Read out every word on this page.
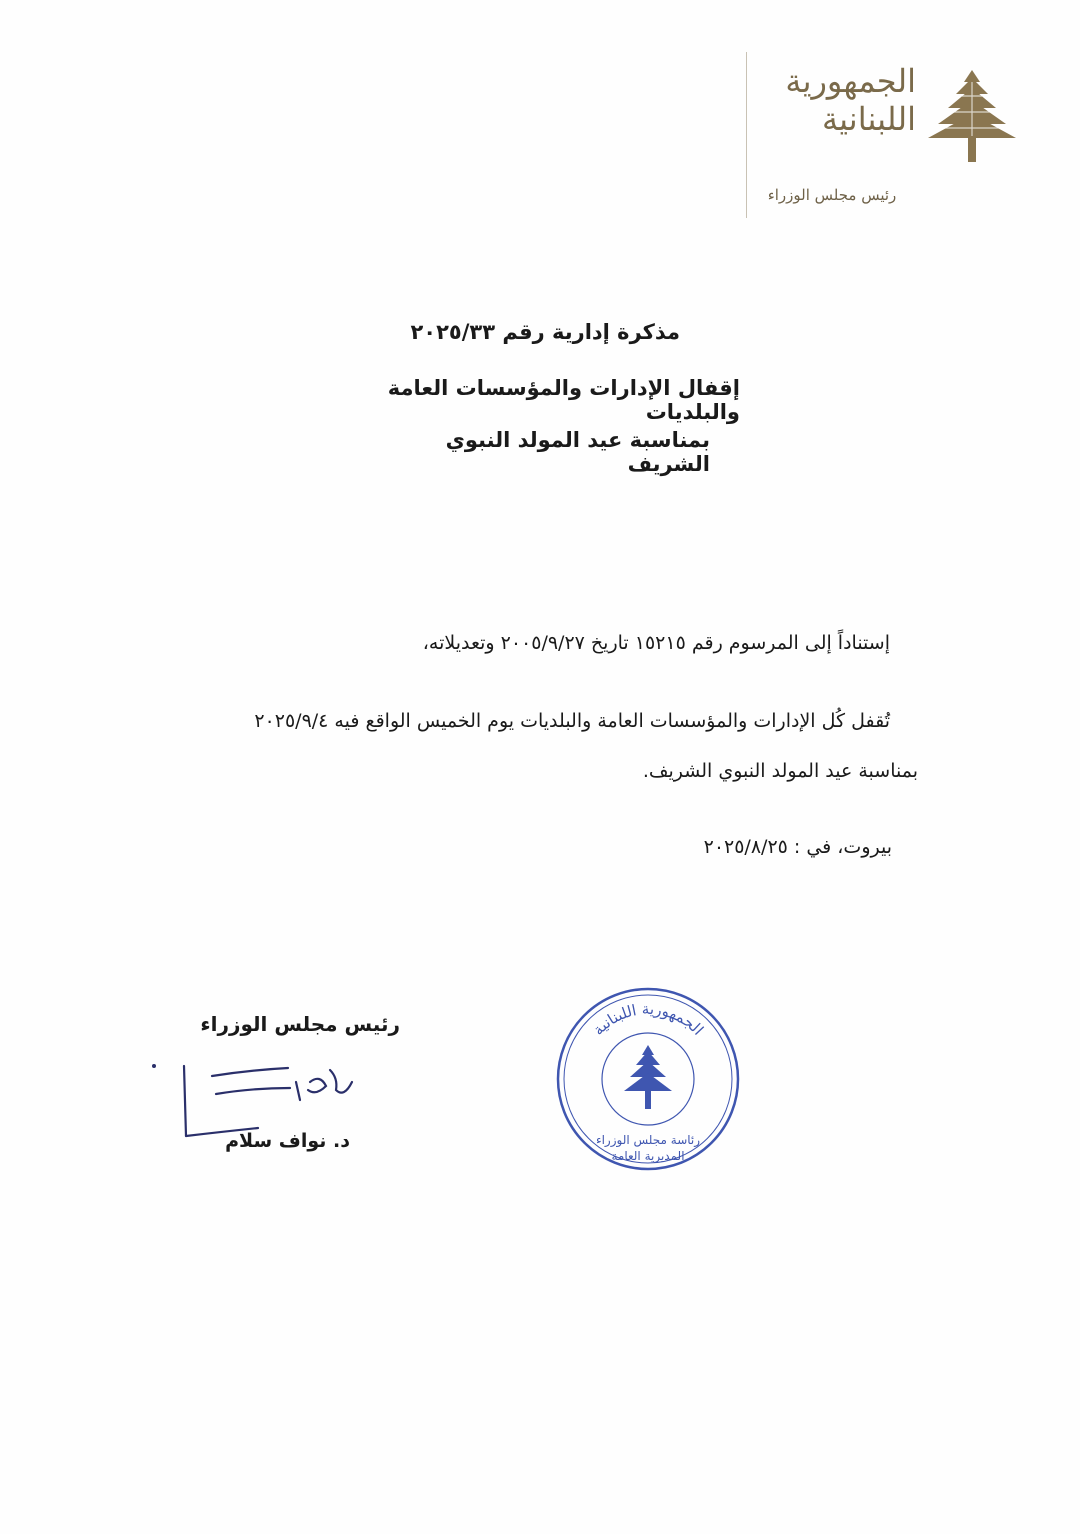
الجمهورية
اللبنانية
رئيس مجلس الوزراء
مذكرة إدارية رقم ٢٠٢٥/٣٣
إقفال الإدارات والمؤسسات العامة والبلديات
بمناسبة عيد المولد النبوي الشريف
إستناداً إلى المرسوم رقم ١٥٢١٥ تاريخ ٢٠٠٥/٩/٢٧ وتعديلاته،
تُقفل كُل الإدارات والمؤسسات العامة والبلديات يوم الخميس الواقع فيه ٢٠٢٥/٩/٤
بمناسبة عيد المولد النبوي الشريف.
بيروت، في : ٢٠٢٥/٨/٢٥
الجمهورية اللبنانية
رئاسة مجلس الوزراء
المديرية العامة
رئيس مجلس الوزراء
د. نواف سلام
